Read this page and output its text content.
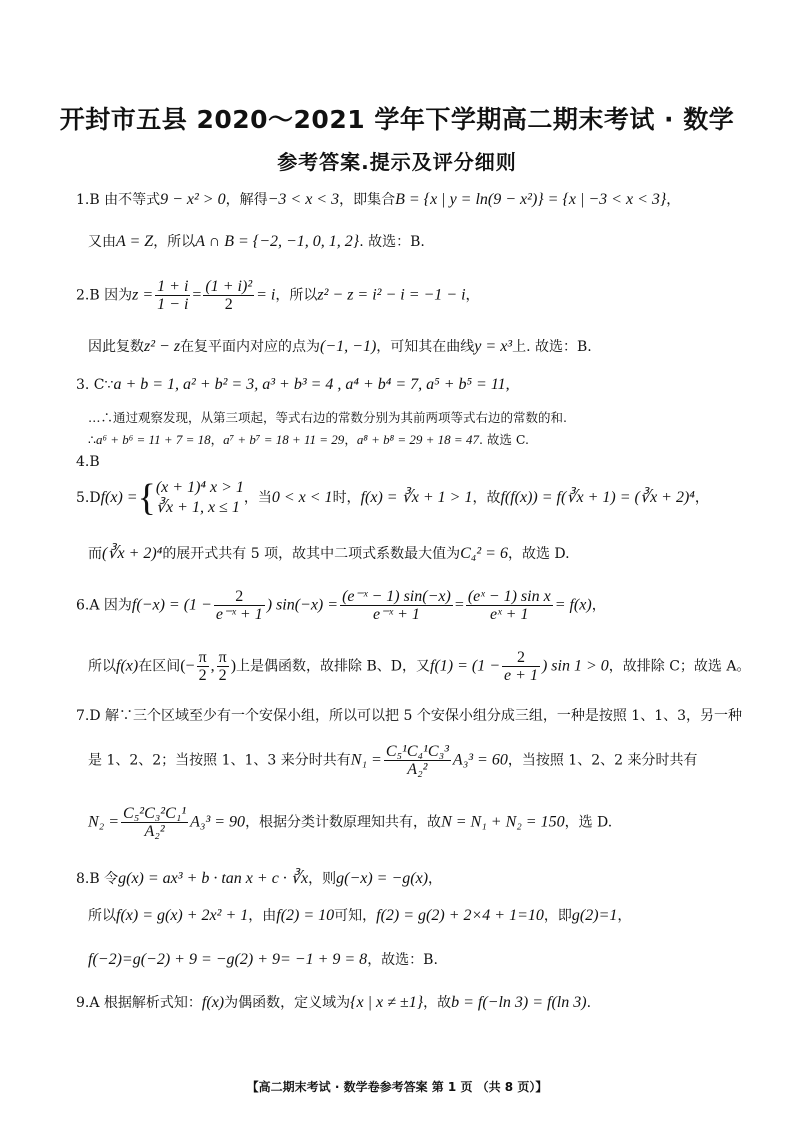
开封市五县 2020～2021 学年下学期高二期末考试 · 数学
参考答案.提示及评分细则
1.B 由不等式9 − x² > 0，解得−3 < x < 3，即集合B = {x | y = ln(9 − x²)} = {x | −3 < x < 3}，
又由A = Z，所以A ∩ B = {−2, −1, 0, 1, 2}. 故选：B.
2.B 因为$z = \frac{1 + i}{1 - i} = \frac{\text{(1 + i)²}}{2} = i$，所以z² − z = i² − i = −1 − i，
因此复数z² − z在复平面内对应的点为(−1, −1)，可知其在曲线y = x³上. 故选：B.
3. C∵a + b = 1, a² + b² = 3, a³ + b³ = 4 , a⁴ + b⁴ = 7, a⁵ + b⁵ = 11,
…∴通过观察发现，从第三项起，等式右边的常数分别为其前两项等式右边的常数的和.
∴a⁶ + b⁶ = 11 + 7 = 18，a⁷ + b⁷ = 18 + 11 = 29，a⁸ + b⁸ = 29 + 18 = 47. 故选 C.
4.B
5.Df(x) ={ (x + 1)⁴ x > 1
∛x + 1, x ≤ 1
，当0 < x < 1时，f(x) = ∛x + 1 > 1，故f(f(x)) = f(∛x + 1) = (∛x + 2)⁴，
而(∛x + 2)⁴的展开式共有 5 项，故其中二项式系数最大值为C₄² = 6，故选 D.
6.A 因为$f(-x) = (1 - \frac{2}{\text{e⁻ˣ + 1}}$ ) $\sin(-x) = \frac{\text{(e⁻ˣ − 1) sin(−x)}}{\text{e⁻ˣ + 1}} = \frac{\text{(eˣ − 1) sin x}}{\text{eˣ + 1}} = f(x)$，
所以f(x)在区间(− $\frac{\pi}{2}$ , $\frac{\pi}{2}$ )上是偶函数，故排除 B、D，又$f(1) = (1 - \frac{2}{e + 1}$ ) sin 1 > 0，故排除 C；故选 A。
7.D 解∵三个区域至少有一个安保小组，所以可以把 5 个安保小组分成三组，一种是按照 1、1、3，另一种
是 1、2、2；当按照 1、1、3 来分时共有$N_1 = \frac{\text{C₅¹C₄¹C₃³}}{\text{A₂²}} A_3^3 = 60$，当按照 1、2、2 来分时共有
$N_2 = \frac{\text{C₅²C₃²C₁¹}}{\text{A₂²}} A_3^3 = 90$，根据分类计数原理知共有，故N = N₁ + N₂ = 150，选 D.
8.B 令g(x) = ax³ + b · tan x + c · ∛x，则g(−x) = −g(x)，
所以f(x) = g(x) + 2x² + 1，由f(2) = 10可知，f(2) = g(2) + 2×4 + 1=10，即g(2)=1，
f(−2)=g(−2) + 9 = −g(2) + 9= −1 + 9 = 8，故选：B.
9.A 根据解析式知：f(x)为偶函数，定义域为{x | x ≠ ±1}，故b = f(−ln 3) = f(ln 3).
【高二期末考试 · 数学卷参考答案 第 1 页 （共 8 页）】
